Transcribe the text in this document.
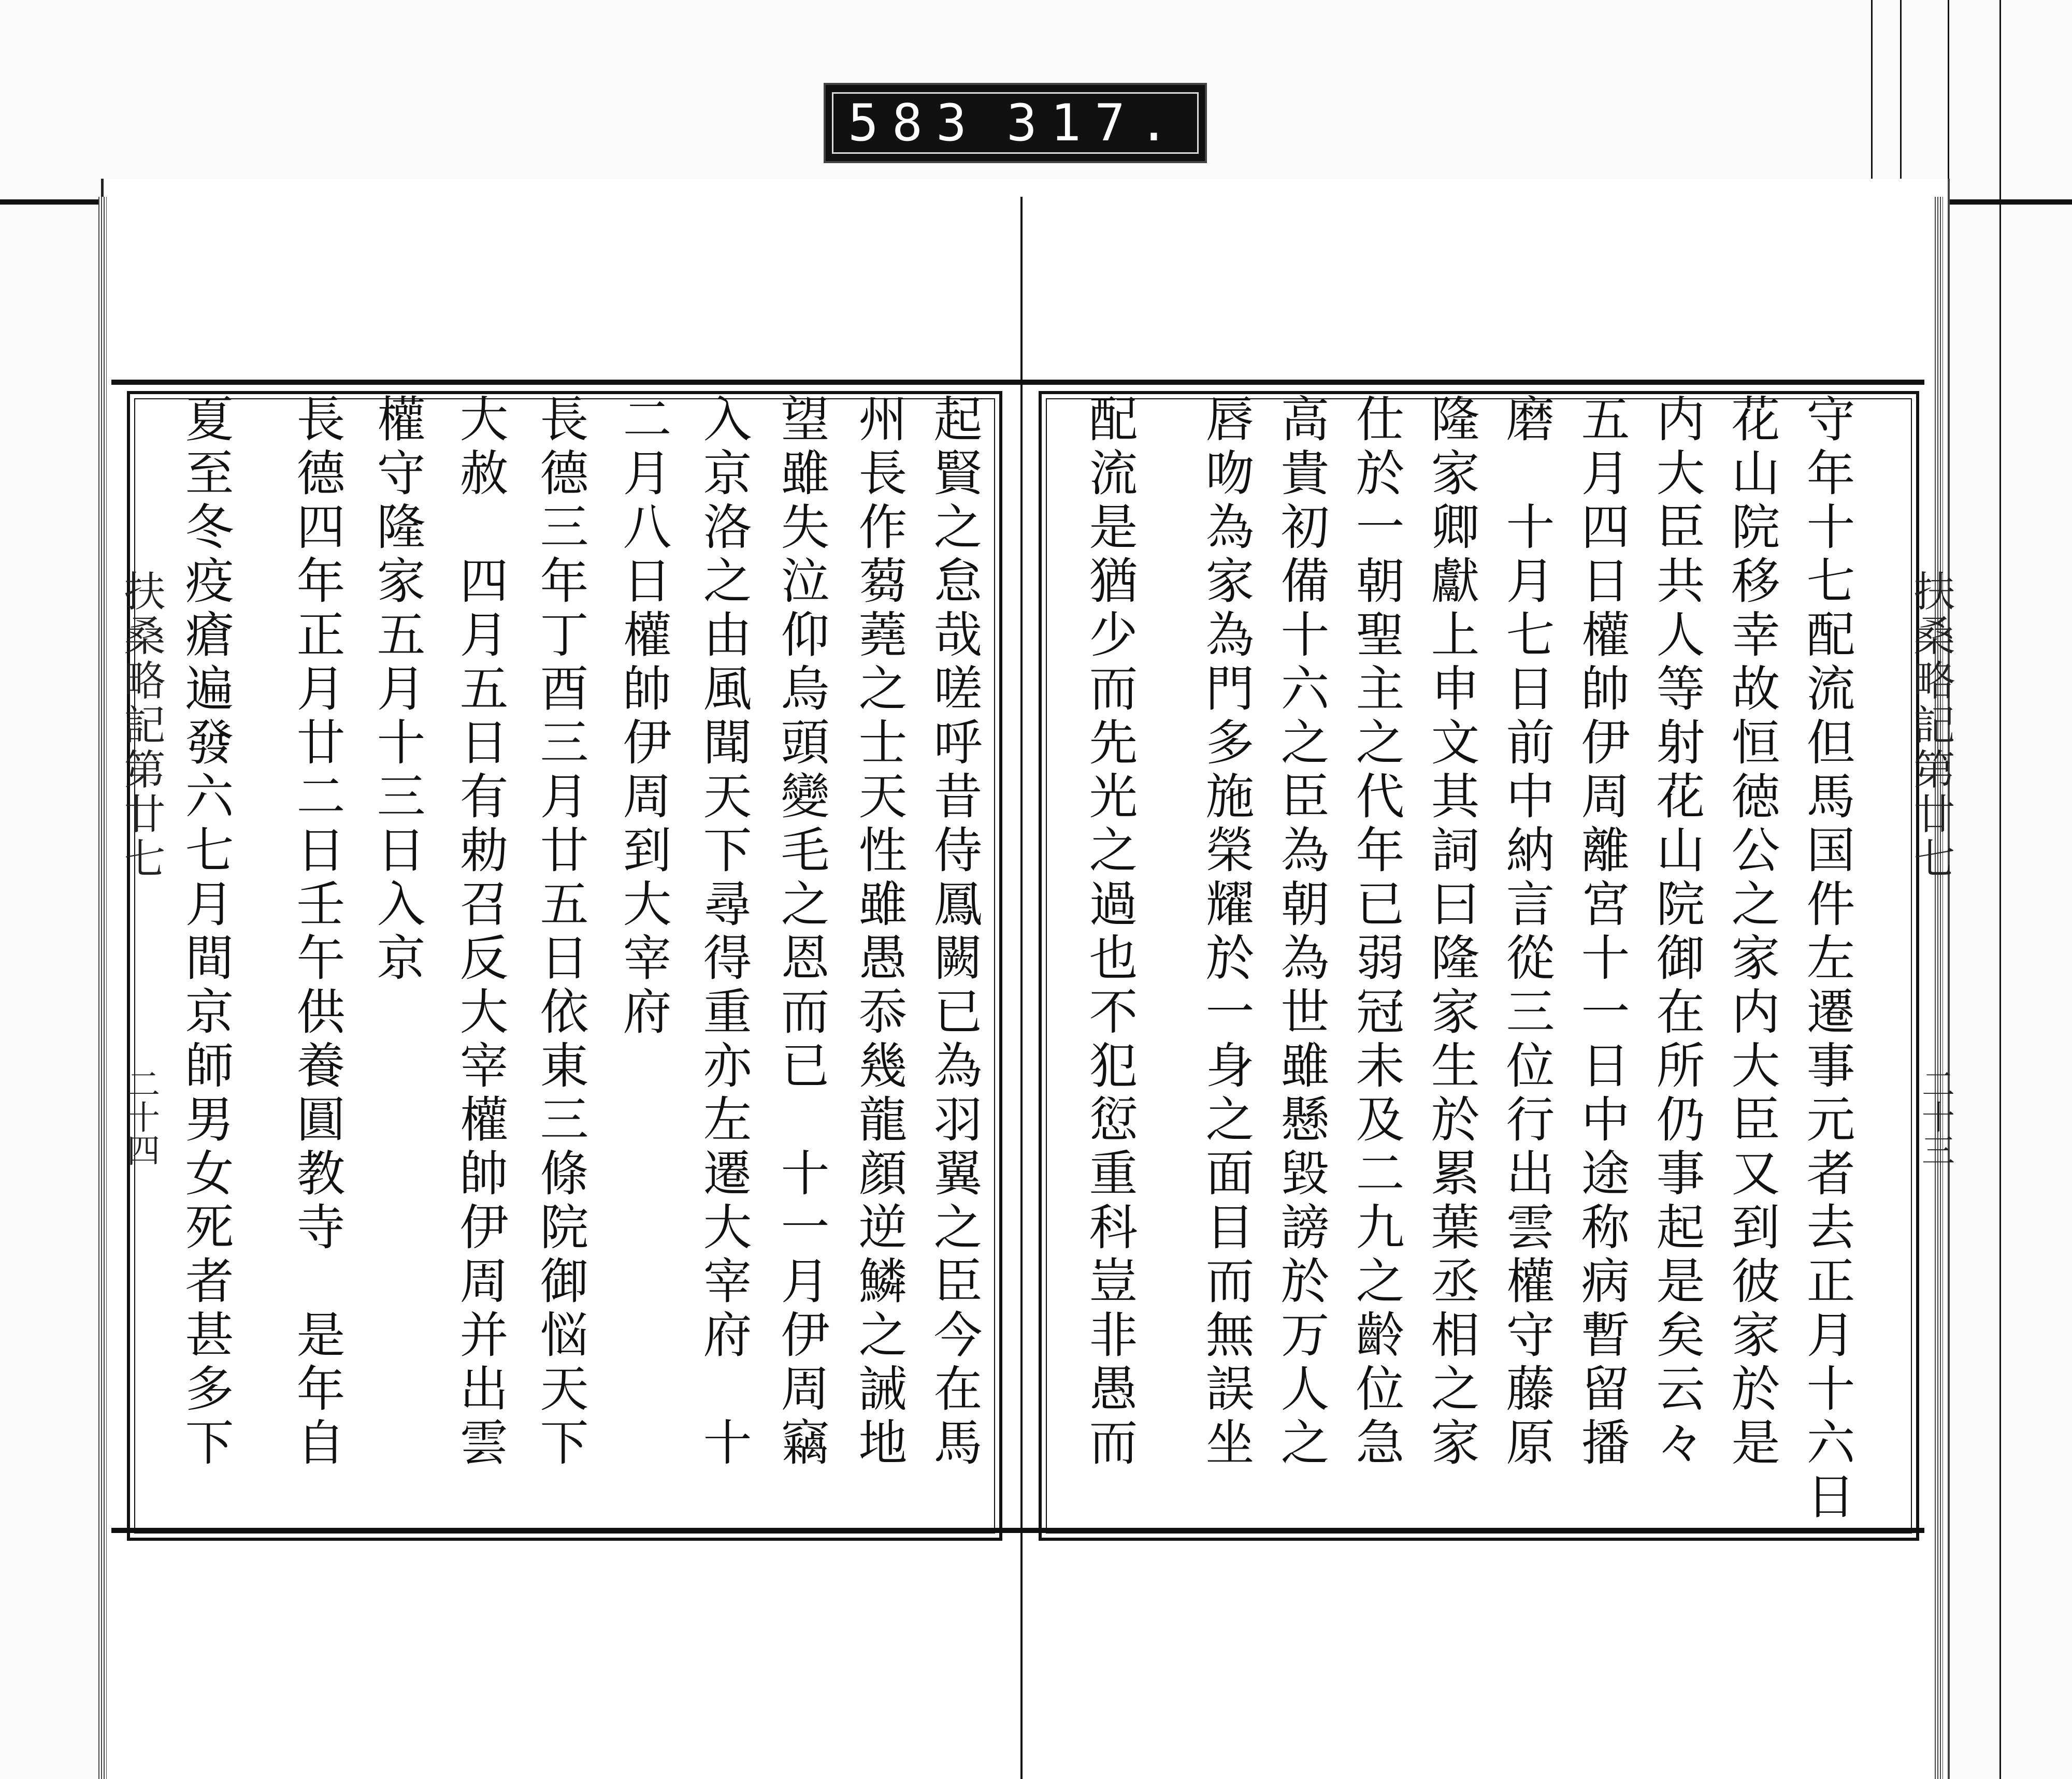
583 317.
扶桑略記第廿七
二十三
扶桑略記第廿七
二十四	守年十七配流但馬国件左遷事元者去正月十六日
花山院移幸故恒徳公之家内大臣又到彼家於是
内大臣共人等射花山院御在所仍事起是矣云々
五月四日權帥伊周離宮十一日中途称病暫留播
磨　十月七日前中納言從三位行出雲權守藤原
隆家卿獻上申文其詞曰隆家生於累葉丞相之家
仕於一朝聖主之代年已弱冠未及二九之齡位急
高貴初備十六之臣為朝為世雖懸毀謗於万人之
唇吻為家為門多施榮耀於一身之面目而無誤坐
配流是猶少而先光之過也不犯愆重科豈非愚而
起賢之怠哉嗟呼昔侍鳳闕已為羽翼之臣今在馬
州長作蒭蕘之士天性雖愚忝幾龍顔逆鱗之誡地
望雖失泣仰烏頭變毛之恩而已　十一月伊周竊
入京洛之由風聞天下尋得重亦左遷大宰府　十
二月八日權帥伊周到大宰府
長德三年丁酉三月廿五日依東三條院御悩天下
大赦　四月五日有勅召反大宰權帥伊周并出雲
權守隆家五月十三日入京
長德四年正月廿二日壬午供養圓教寺　是年自
夏至冬疫瘡遍發六七月間京師男女死者甚多下
